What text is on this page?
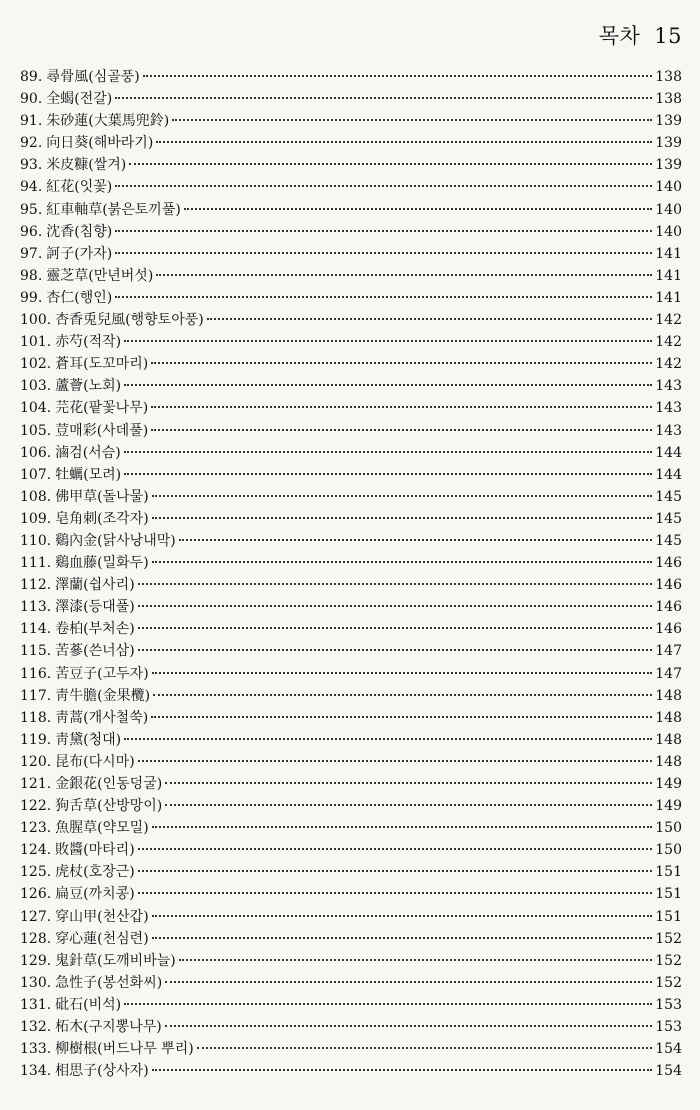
목차 15
89. 尋骨風(심골풍)	138
90. 全蝎(전갈)	138
91. 朱砂蓮(大葉馬兜鈴)	139
92. 向日葵(해바라기)	139
93. 米皮糠(쌀겨)	139
94. 紅花(잇꽃)	140
95. 紅車軸草(붉은토끼풀)	140
96. 沈香(침향)	140
97. 訶子(가자)	141
98. 靈芝草(만년버섯)	141
99. 杏仁(행인)	141
100. 杏香兎兒風(행향토아풍)	142
101. 赤芍(적작)	142
102. 蒼耳(도꼬마리)	142
103. 蘆薈(노회)	143
104. 芫花(팥꽃나무)	143
105. 荳매彩(사데풀)	143
106. 滷검(서슴)	144
107. 牡蠣(모려)	144
108. 佛甲草(돌나물)	145
109. 皂角刺(조각자)	145
110. 鷄內金(닭사낭내막)	145
111. 鷄血藤(밀화두)	146
112. 澤蘭(쉽사리)	146
113. 澤漆(등대풀)	146
114. 卷柏(부처손)	146
115. 苦蔘(쓴너삼)	147
116. 苦豆子(고두자)	147
117. 靑牛膽(金果欖)	148
118. 靑蒿(개사철쑥)	148
119. 靑黛(청대)	148
120. 昆布(다시마)	148
121. 金銀花(인동덩굴)	149
122. 狗舌草(산방망이)	149
123. 魚腥草(약모밀)	150
124. 敗醬(마타리)	150
125. 虎杖(호장근)	151
126. 扁豆(까치콩)	151
127. 穿山甲(천산갑)	151
128. 穿心蓮(천심련)	152
129. 鬼針草(도깨비바늘)	152
130. 急性子(봉선화씨)	152
131. 砒石(비석)	153
132. 柘木(구지뽕나무)	153
133. 柳樹根(버드나무 뿌리)	154
134. 相思子(상사자)	154
